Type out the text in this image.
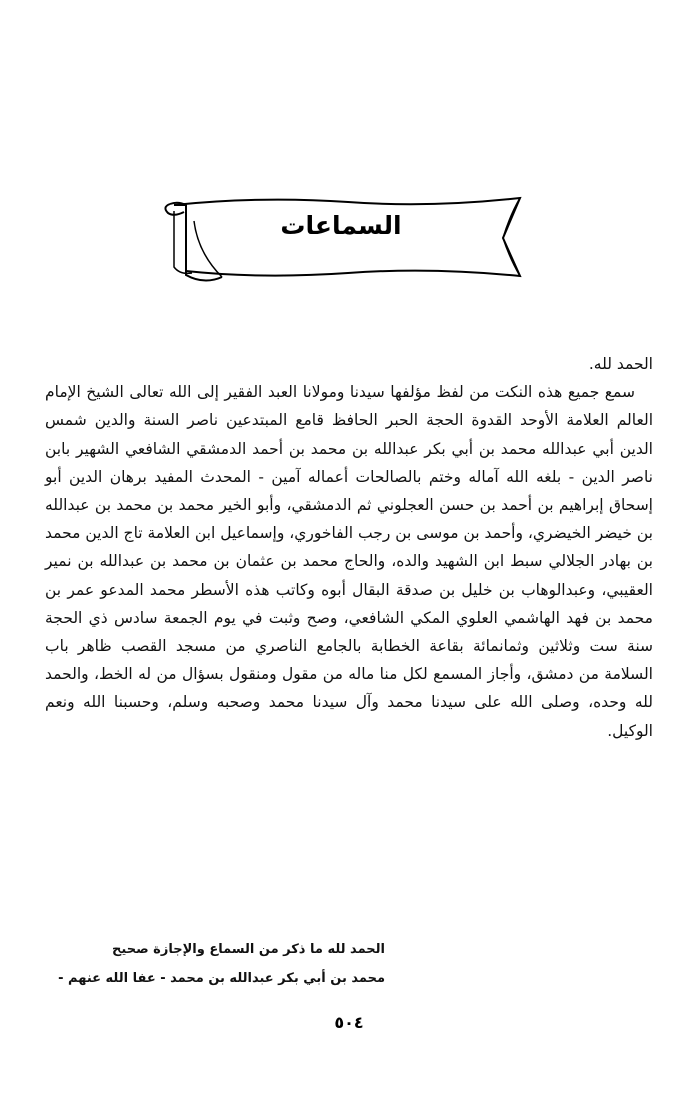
السماعات

الحمد لله.

سمع جميع هذه النكت من لفظ مؤلفها سيدنا ومولانا العبد الفقير إلى الله تعالى الشيخ الإمام العالم العلامة الأوحد القدوة الحجة الحبر الحافظ قامع المبتدعين ناصر السنة والدين شمس الدين أبي عبدالله محمد بن أبي بكر عبدالله بن محمد بن أحمد الدمشقي الشافعي الشهير بابن ناصر الدين - بلغه الله آماله وختم بالصالحات أعماله آمين - المحدث المفيد برهان الدين أبو إسحاق إبراهيم بن أحمد بن حسن العجلوني ثم الدمشقي، وأبو الخير محمد بن محمد بن عبدالله بن خيضر الخيضري، وأحمد بن موسى بن رجب الفاخوري، وإسماعيل ابن العلامة تاج الدين محمد بن بهادر الجلالي سبط ابن الشهيد والده، والحاج محمد بن عثمان بن محمد بن عبدالله بن نمير العقيبي، وعبدالوهاب بن خليل بن صدقة البقال أبوه وكاتب هذه الأسطر محمد المدعو عمر بن محمد بن فهد الهاشمي العلوي المكي الشافعي، وصح وثبت في يوم الجمعة سادس ذي الحجة سنة ست وثلاثين وثمانمائة بقاعة الخطابة بالجامع الناصري من مسجد القصب ظاهر باب السلامة من دمشق، وأجاز المسمع لكل منا ماله من مقول ومنقول بسؤال من له الخط، والحمد لله وحده، وصلى الله على سيدنا محمد وآل سيدنا محمد وصحبه وسلم، وحسبنا الله ونعم الوكيل.

الحمد لله ما ذكر من السماع والإجازة صحيح
محمد بن أبي بكر عبدالله بن محمد - عفا الله عنهم -
٥٠٤
